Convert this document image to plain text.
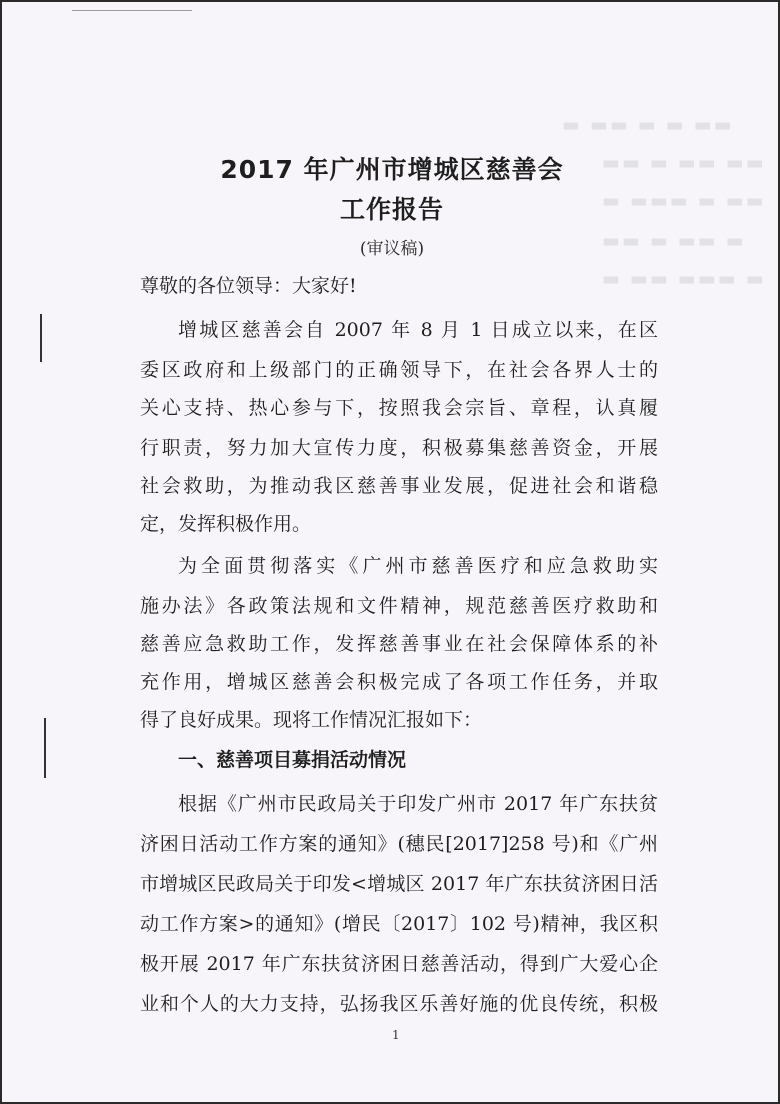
▬ ▬▬ ▬ ▬ ▬▬
▬▬ ▬ ▬▬ ▬▬
▬ ▬▬▬ ▬ ▬▬
▬▬ ▬ ▬▬ ▬
▬ ▬▬ ▬▬▬ ▬
2017 年广州市增城区慈善会
工作报告
(审议稿)
尊敬的各位领导：大家好!
增城区慈善会自 2007 年 8 月 1 日成立以来，在区
委区政府和上级部门的正确领导下，在社会各界人士的
关心支持、热心参与下，按照我会宗旨、章程，认真履
行职责，努力加大宣传力度，积极募集慈善资金，开展
社会救助，为推动我区慈善事业发展，促进社会和谐稳
定，发挥积极作用。
为全面贯彻落实《广州市慈善医疗和应急救助实
施办法》各政策法规和文件精神，规范慈善医疗救助和
慈善应急救助工作，发挥慈善事业在社会保障体系的补
充作用，增城区慈善会积极完成了各项工作任务，并取
得了良好成果。现将工作情况汇报如下：
一、慈善项目募捐活动情况
根据《广州市民政局关于印发广州市 2017 年广东扶贫
济困日活动工作方案的通知》(穗民[2017]258 号)和《广州
市增城区民政局关于印发<增城区 2017 年广东扶贫济困日活
动工作方案>的通知》(增民〔2017〕102 号)精神，我区积
极开展 2017 年广东扶贫济困日慈善活动，得到广大爱心企
业和个人的大力支持，弘扬我区乐善好施的优良传统，积极
1
